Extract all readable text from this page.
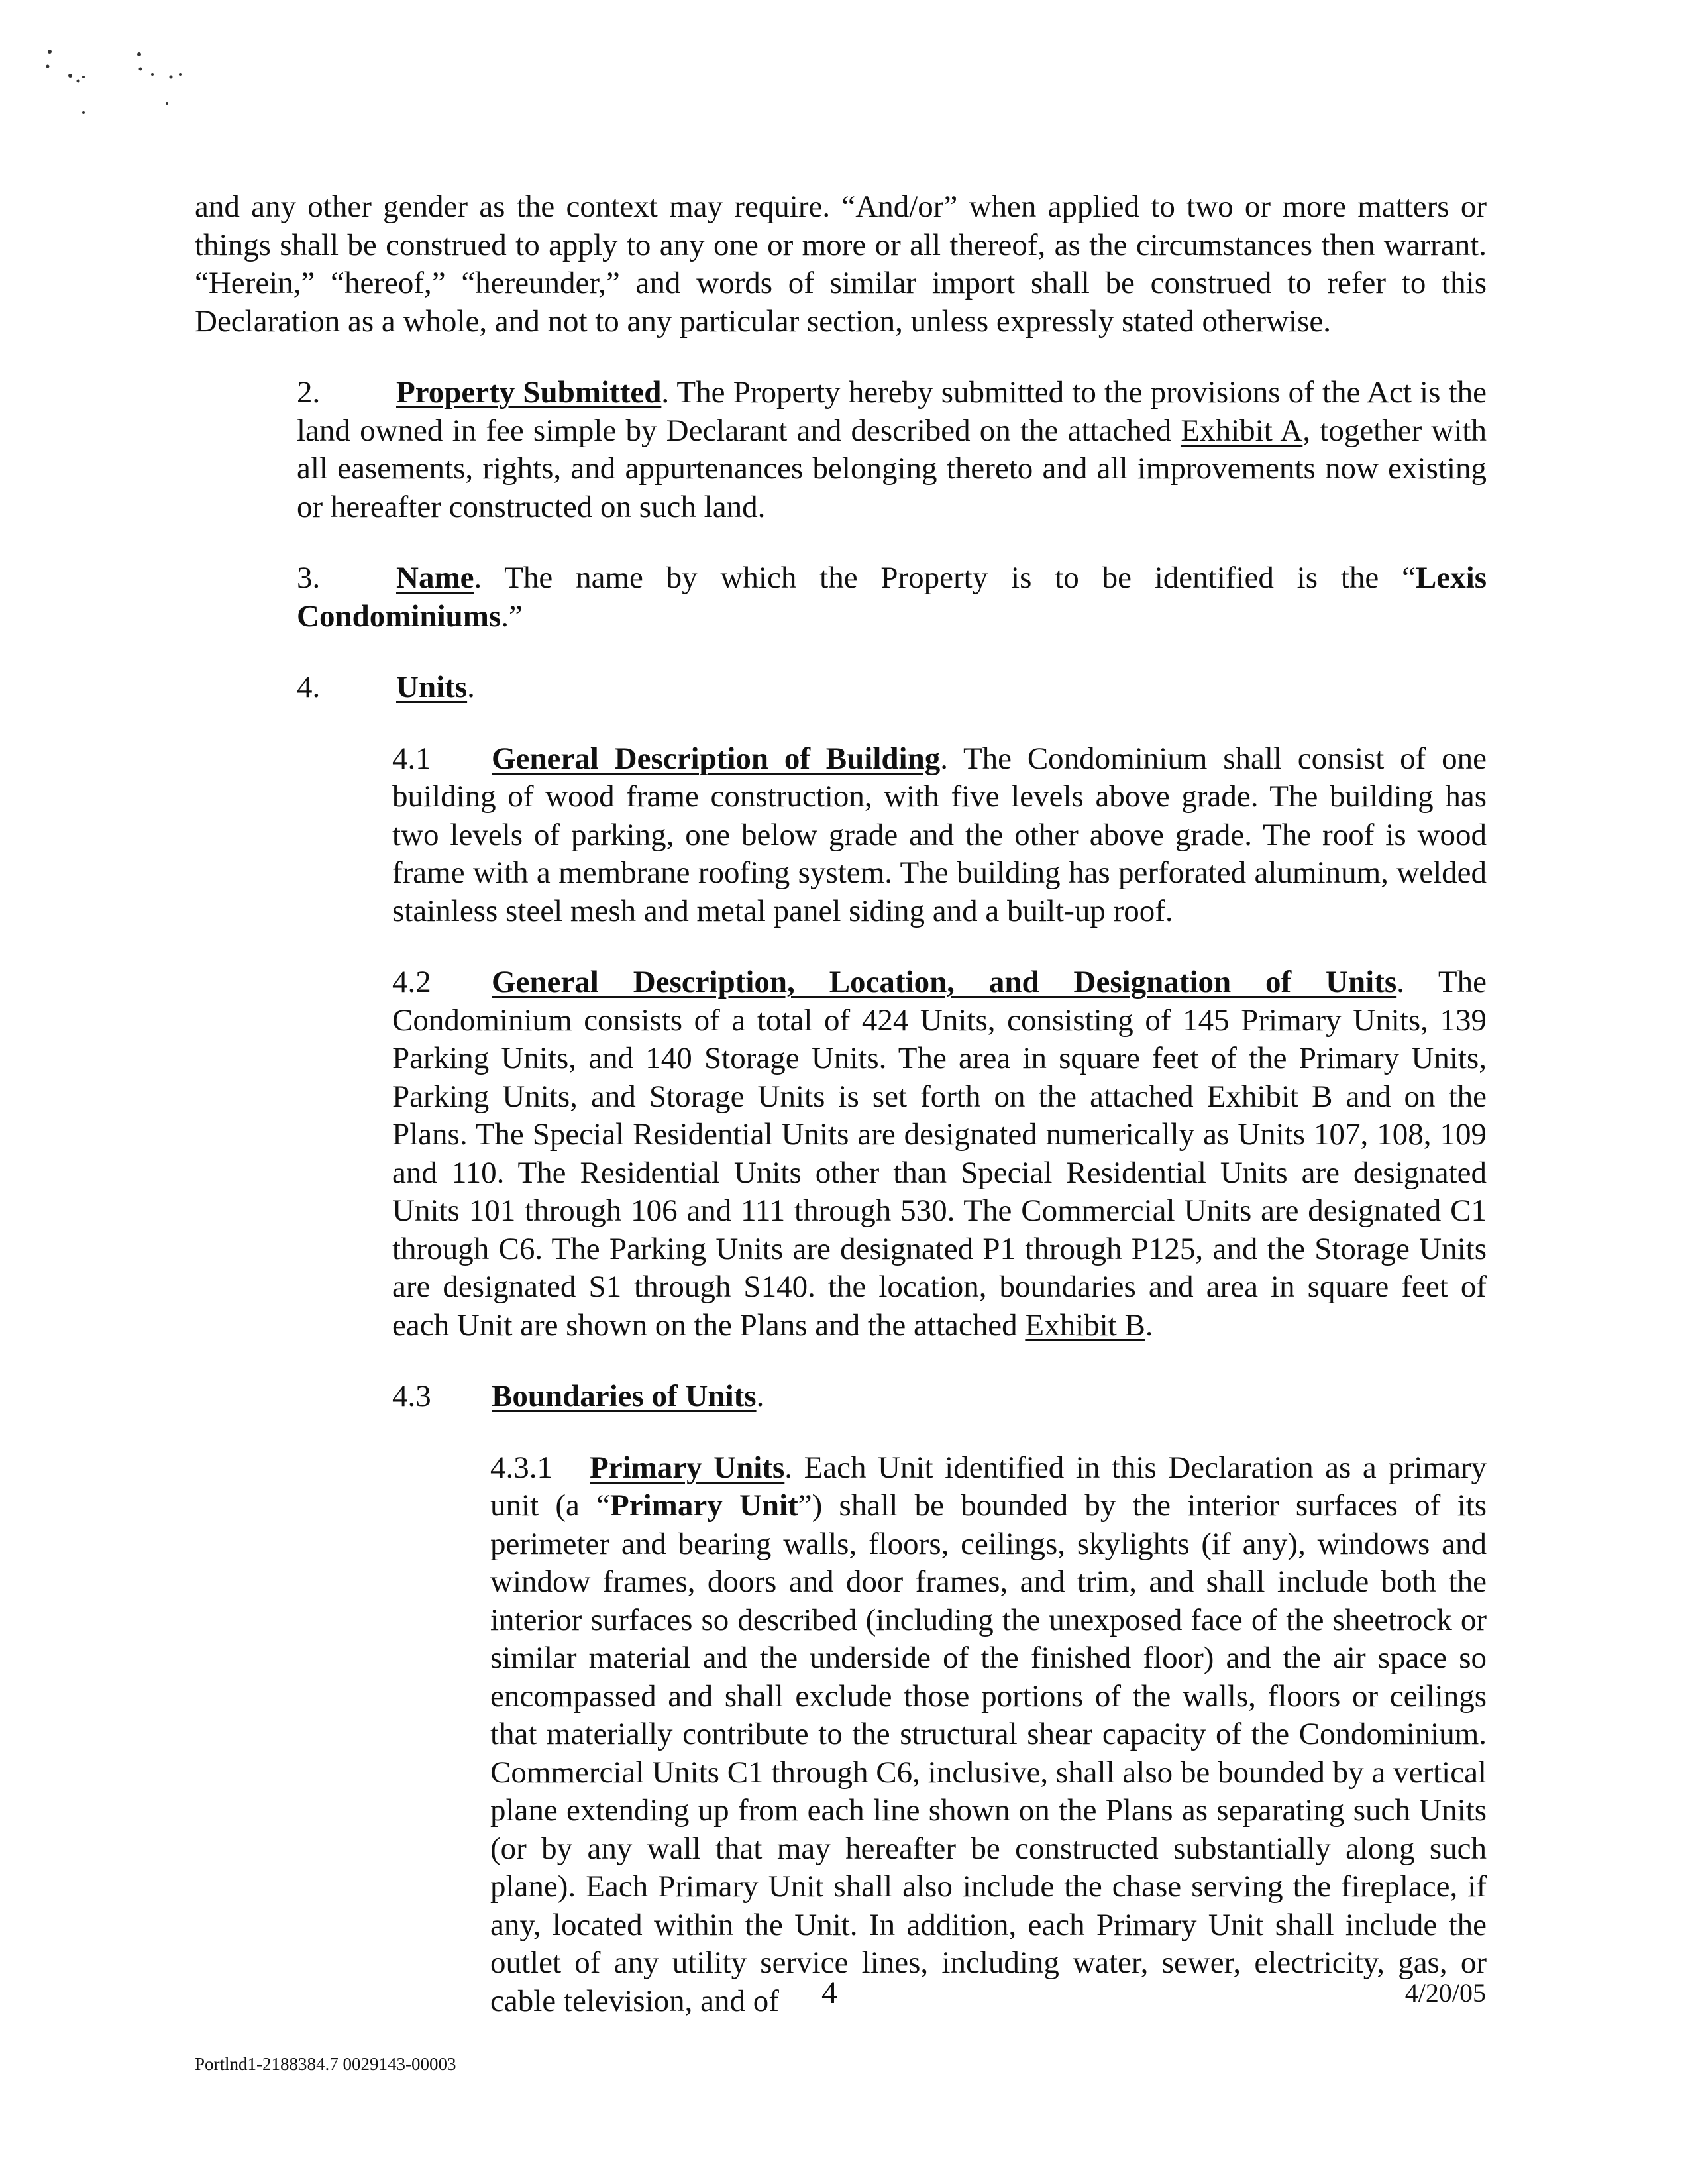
and any other gender as the context may require. “And/or” when applied to two or more matters or things shall be construed to apply to any one or more or all thereof, as the circumstances then warrant. “Herein,” “hereof,” “hereunder,” and words of similar import shall be construed to refer to this Declaration as a whole, and not to any particular section, unless expressly stated otherwise.

2. Property Submitted. The Property hereby submitted to the provisions of the Act is the land owned in fee simple by Declarant and described on the attached Exhibit A, together with all easements, rights, and appurtenances belonging thereto and all improvements now existing or hereafter constructed on such land.

3. Name. The name by which the Property is to be identified is the “Lexis Condominiums.”

4. Units.

4.1 General Description of Building. The Condominium shall consist of one building of wood frame construction, with five levels above grade. The building has two levels of parking, one below grade and the other above grade. The roof is wood frame with a membrane roofing system. The building has perforated aluminum, welded stainless steel mesh and metal panel siding and a built-up roof.

4.2 General Description, Location, and Designation of Units. The Condominium consists of a total of 424 Units, consisting of 145 Primary Units, 139 Parking Units, and 140 Storage Units. The area in square feet of the Primary Units, Parking Units, and Storage Units is set forth on the attached Exhibit B and on the Plans. The Special Residential Units are designated numerically as Units 107, 108, 109 and 110. The Residential Units other than Special Residential Units are designated Units 101 through 106 and 111 through 530. The Commercial Units are designated C1 through C6. The Parking Units are designated P1 through P125, and the Storage Units are designated S1 through S140. the location, boundaries and area in square feet of each Unit are shown on the Plans and the attached Exhibit B.

4.3 Boundaries of Units.

4.3.1 Primary Units. Each Unit identified in this Declaration as a primary unit (a “Primary Unit”) shall be bounded by the interior surfaces of its perimeter and bearing walls, floors, ceilings, skylights (if any), windows and window frames, doors and door frames, and trim, and shall include both the interior surfaces so described (including the unexposed face of the sheetrock or similar material and the underside of the finished floor) and the air space so encompassed and shall exclude those portions of the walls, floors or ceilings that materially contribute to the structural shear capacity of the Condominium. Commercial Units C1 through C6, inclusive, shall also be bounded by a vertical plane extending up from each line shown on the Plans as separating such Units (or by any wall that may hereafter be constructed substantially along such plane). Each Primary Unit shall also include the chase serving the fireplace, if any, located within the Unit. In addition, each Primary Unit shall include the outlet of any utility service lines, including water, sewer, electricity, gas, or cable television, and of	4	4/20/05
Portlnd1-2188384.7 0029143-00003
